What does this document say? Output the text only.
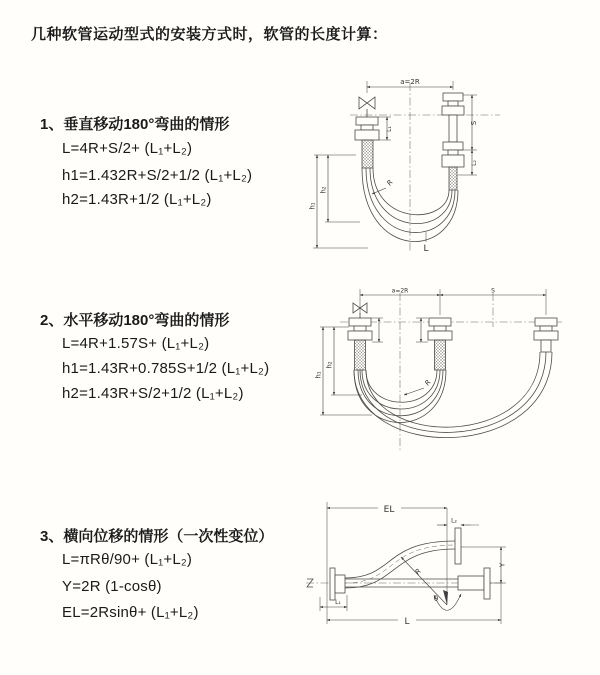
几种软管运动型式的安装方式时，软管的长度计算：
1、垂直移动180°弯曲的情形
L=4R+S/2+ (L₁+L₂)
h1=1.432R+S/2+1/2 (L₁+L₂)
h2=1.43R+1/2 (L₁+L₂)
2、水平移动180°弯曲的情形
L=4R+1.57S+ (L₁+L₂)
h1=1.43R+0.785S+1/2 (L₁+L₂)
h2=1.43R+S/2+1/2 (L₁+L₂)
3、横向位移的情形（一次性变位）
L=πRθ/90+ (L₁+L₂)
Y=2R (1-cosθ)
EL=2Rsinθ+ (L₁+L₂)
a=2R
L
R
h₁
h₂
L₁
S
L₂
a=2R	S
R
h₁
h₂
EL
L₂
Y
R
θ
L₁
L
